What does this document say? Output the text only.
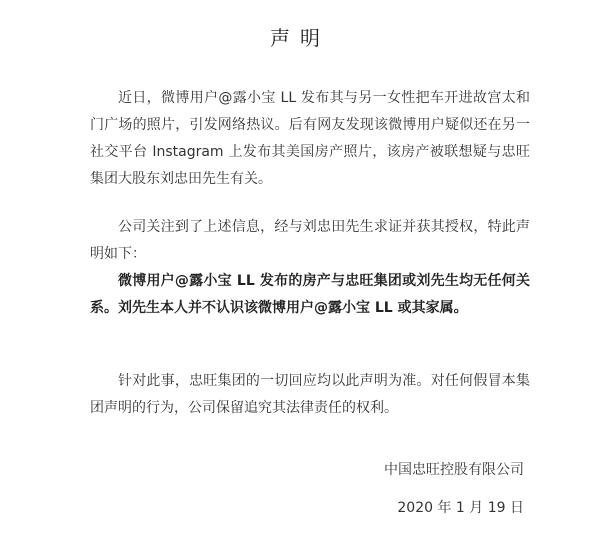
声明

近日，微博用户@露小宝 LL 发布其与另一女性把车开进故宫太和门广场的照片，引发网络热议。后有网友发现该微博用户疑似还在另一社交平台 Instagram 上发布其美国房产照片，该房产被联想疑与忠旺集团大股东刘忠田先生有关。

公司关注到了上述信息，经与刘忠田先生求证并获其授权，特此声明如下：

微博用户@露小宝 LL 发布的房产与忠旺集团或刘先生均无任何关系。刘先生本人并不认识该微博用户@露小宝 LL 或其家属。

针对此事，忠旺集团的一切回应均以此声明为准。对任何假冒本集团声明的行为，公司保留追究其法律责任的权利。

中国忠旺控股有限公司
2020 年 1 月 19 日
